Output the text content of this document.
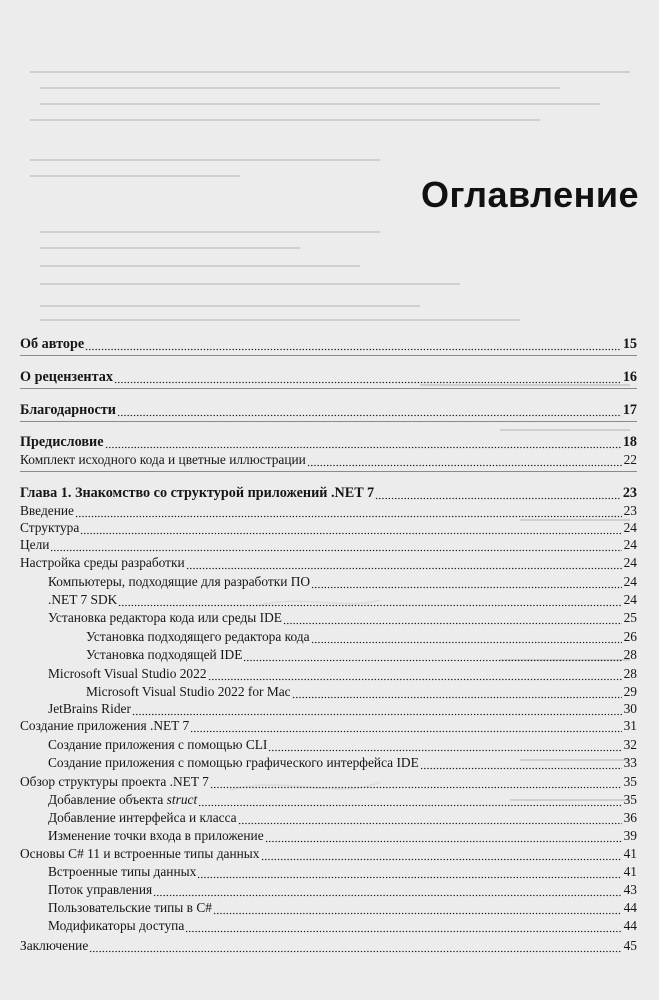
Оглавление
Об авторе	15
О рецензентах	16
Благодарности	17
Предисловие	18
Комплект исходного кода и цветные иллюстрации	22
Глава 1. Знакомство со структурой приложений .NET 7	23
Введение	23
Структура	24
Цели	24
Настройка среды разработки	24
Компьютеры, подходящие для разработки ПО	24
.NET 7 SDK	24
Установка редактора кода или среды IDE	25
Установка подходящего редактора кода	26
Установка подходящей IDE	28
Microsoft Visual Studio 2022	28
Microsoft Visual Studio 2022 for Mac	29
JetBrains Rider	30
Создание приложения .NET 7	31
Создание приложения с помощью CLI	32
Создание приложения с помощью графического интерфейса IDE	33
Обзор структуры проекта .NET 7	35
Добавление объекта struct	35
Добавление интерфейса и класса	36
Изменение точки входа в приложение	39
Основы C# 11 и встроенные типы данных	41
Встроенные типы данных	41
Поток управления	43
Пользовательские типы в C#	44
Модификаторы доступа	44
Заключение	45
